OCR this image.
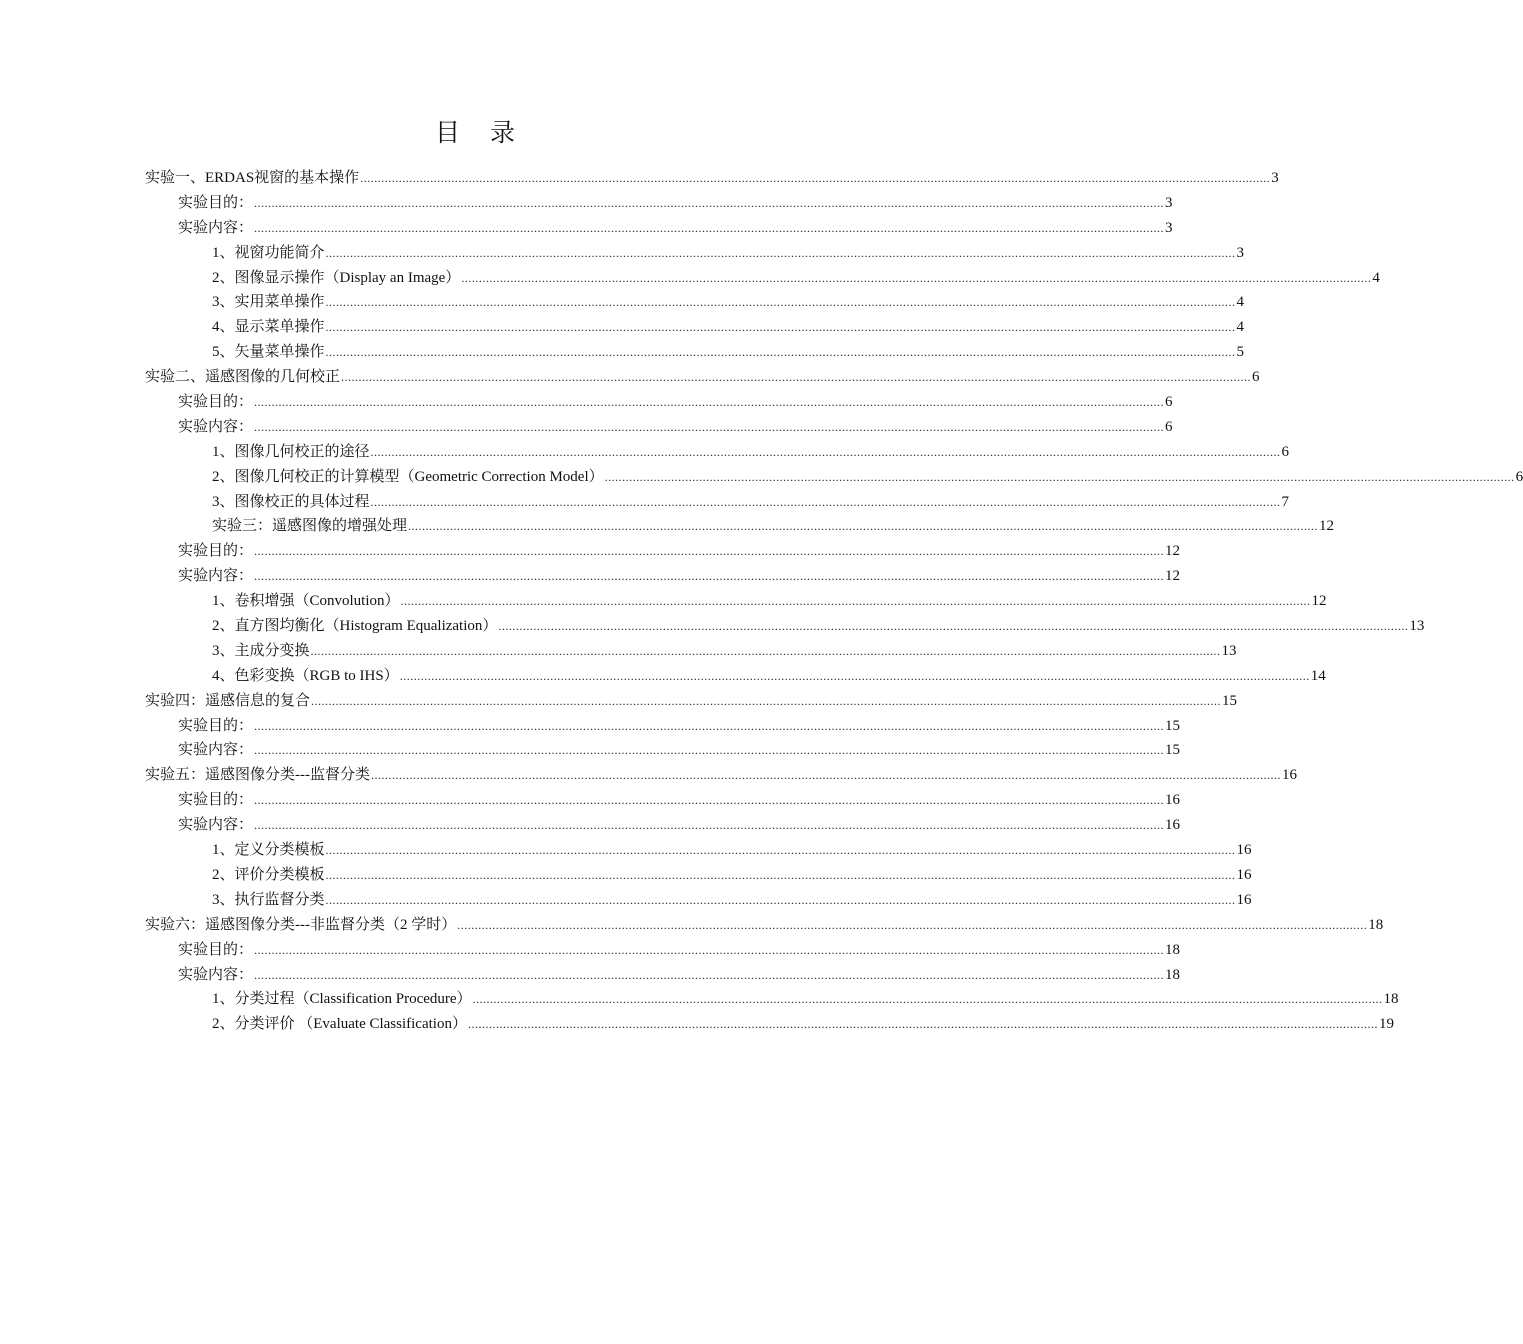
目 录
实验一、ERDAS视窗的基本操作 .................................................................................................................................................................................................................................................................... 3
实验目的： .................................................................................................................................................................................................................................................................... 3
实验内容： .................................................................................................................................................................................................................................................................... 3
1、视窗功能简介 .................................................................................................................................................................................................................................................................... 3
2、图像显示操作（Display an Image） .................................................................................................................................................................................................................................................................... 4
3、实用菜单操作 .................................................................................................................................................................................................................................................................... 4
4、显示菜单操作 .................................................................................................................................................................................................................................................................... 4
5、矢量菜单操作 .................................................................................................................................................................................................................................................................... 5
实验二、遥感图像的几何校正 .................................................................................................................................................................................................................................................................... 6
实验目的： .................................................................................................................................................................................................................................................................... 6
实验内容： .................................................................................................................................................................................................................................................................... 6
1、图像几何校正的途径 .................................................................................................................................................................................................................................................................... 6
2、图像几何校正的计算模型（Geometric Correction Model） .................................................................................................................................................................................................................................................................... 6
3、图像校正的具体过程 .................................................................................................................................................................................................................................................................... 7
实验三：遥感图像的增强处理 .................................................................................................................................................................................................................................................................... 12
实验目的： .................................................................................................................................................................................................................................................................... 12
实验内容： .................................................................................................................................................................................................................................................................... 12
1、卷积增强（Convolution） .................................................................................................................................................................................................................................................................... 12
2、直方图均衡化（Histogram Equalization） .................................................................................................................................................................................................................................................................... 13
3、主成分变换 .................................................................................................................................................................................................................................................................... 13
4、色彩变换（RGB to IHS） .................................................................................................................................................................................................................................................................... 14
实验四：遥感信息的复合 .................................................................................................................................................................................................................................................................... 15
实验目的： .................................................................................................................................................................................................................................................................... 15
实验内容： .................................................................................................................................................................................................................................................................... 15
实验五：遥感图像分类---监督分类 .................................................................................................................................................................................................................................................................... 16
实验目的： .................................................................................................................................................................................................................................................................... 16
实验内容： .................................................................................................................................................................................................................................................................... 16
1、定义分类模板 .................................................................................................................................................................................................................................................................... 16
2、评价分类模板 .................................................................................................................................................................................................................................................................... 16
3、执行监督分类 .................................................................................................................................................................................................................................................................... 16
实验六：遥感图像分类---非监督分类（2 学时） .................................................................................................................................................................................................................................................................... 18
实验目的： .................................................................................................................................................................................................................................................................... 18
实验内容： .................................................................................................................................................................................................................................................................... 18
1、分类过程（Classification Procedure） .................................................................................................................................................................................................................................................................... 18
2、分类评价 （Evaluate Classification） .................................................................................................................................................................................................................................................................... 19
